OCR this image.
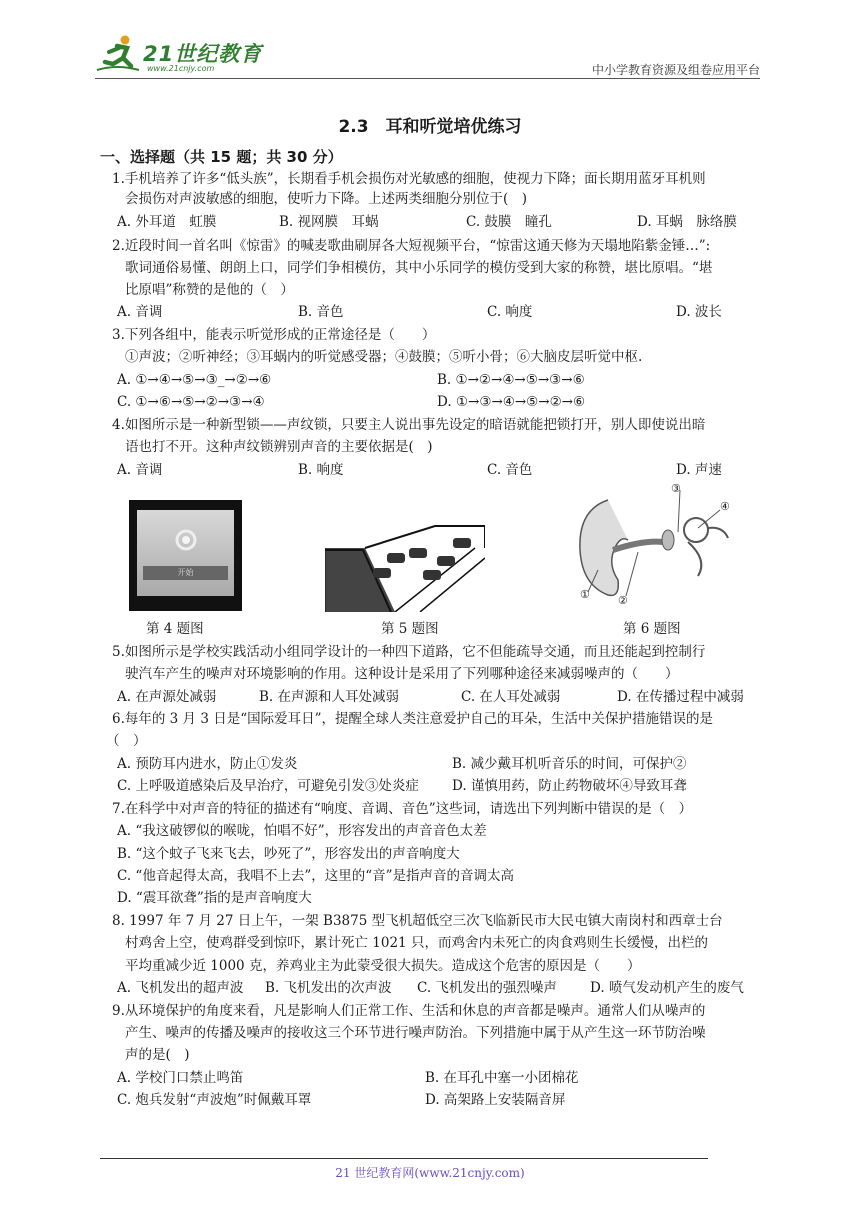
21世纪教育
www.21cnjy.com	中小学教育资源及组卷应用平台
2.3　耳和听觉培优练习
一、选择题（共 15 题；共 30 分）
1.手机培养了许多“低头族”，长期看手机会损伤对光敏感的细胞，使视力下降；面长期用蓝牙耳机则
会损伤对声波敏感的细胞，使听力下降。上述两类细胞分别位于(　)
A. 外耳道　虹膜	B. 视网膜　耳蜗	C. 鼓膜　瞳孔	D. 耳蜗　脉络膜
2.近段时间一首名叫《惊雷》的喊麦歌曲刷屏各大短视频平台，“惊雷这通天修为天塌地陷紫金锤…”:
歌词通俗易懂、朗朗上口，同学们争相模仿，其中小乐同学的模仿受到大家的称赞，堪比原唱。“堪
比原唱”称赞的是他的（　）
A. 音调	B. 音色	C. 响度	D. 波长
3.下列各组中，能表示听觉形成的正常途径是（　　）
①声波；②听神经；③耳蜗内的听觉感受器；④鼓膜；⑤听小骨；⑥大脑皮层听觉中枢.
A. ①→④→⑤→③_→②→⑥	B. ①→②→④→⑤→③→⑥
C. ①→⑥→⑤→②→③→④	D. ①→③→④→⑤→②→⑥
4.如图所示是一种新型锁——声纹锁，只要主人说出事先设定的暗语就能把锁打开，别人即使说出暗
语也打不开。这种声纹锁辨别声音的主要依据是(　)
A. 音调	B. 响度	C. 音色	D. 声速
开始
③
④
①	②
第 4 题图	第 5 题图	第 6 题图
5.如图所示是学校实践活动小组同学设计的一种四下道路，它不但能疏导交通，而且还能起到控制行
驶汽车产生的噪声对环境影响的作用。这种设计是采用了下列哪种途径来减弱噪声的（　　）
A. 在声源处减弱	B. 在声源和人耳处减弱	C. 在人耳处减弱	D. 在传播过程中减弱
6.每年的 3 月 3 日是“国际爱耳日”，提醒全球人类注意爱护自己的耳朵，生活中关保护措施错误的是
（　）
A. 预防耳内进水，防止①发炎	B. 减少戴耳机听音乐的时间，可保护②
C. 上呼吸道感染后及早治疗，可避免引发③处炎症 D. 谨慎用药，防止药物破坏④导致耳聋
7.在科学中对声音的特征的描述有“响度、音调、音色”这些词，请选出下列判断中错误的是（　）
A. “我这破锣似的喉咙，怕唱不好”，形容发出的声音音色太差
B. “这个蚊子飞来飞去，吵死了”，形容发出的声音响度大
C. “他音起得太高，我唱不上去”，这里的“音”是指声音的音调太高
D. “震耳欲聋”指的是声音响度大
8. 1997 年 7 月 27 日上午，一架 B3875 型飞机超低空三次飞临新民市大民屯镇大南岗村和西章士台
村鸡舍上空，使鸡群受到惊吓，累计死亡 1021 只，而鸡舍内未死亡的肉食鸡则生长缓慢，出栏的
平均重减少近 1000 克，养鸡业主为此蒙受很大损失。造成这个危害的原因是（　　）
A. 飞机发出的超声波 B. 飞机发出的次声波 C. 飞机发出的强烈噪声 D. 喷气发动机产生的废气
9.从环境保护的角度来看，凡是影响人们正常工作、生活和休息的声音都是噪声。通常人们从噪声的
产生、噪声的传播及噪声的接收这三个环节进行噪声防治。下列措施中属于从产生这一环节防治噪
声的是(　)
A. 学校门口禁止鸣笛	B. 在耳孔中塞一小团棉花
C. 炮兵发射“声波炮”时佩戴耳罩	D. 高架路上安装隔音屏
21 世纪教育网(www.21cnjy.com)
